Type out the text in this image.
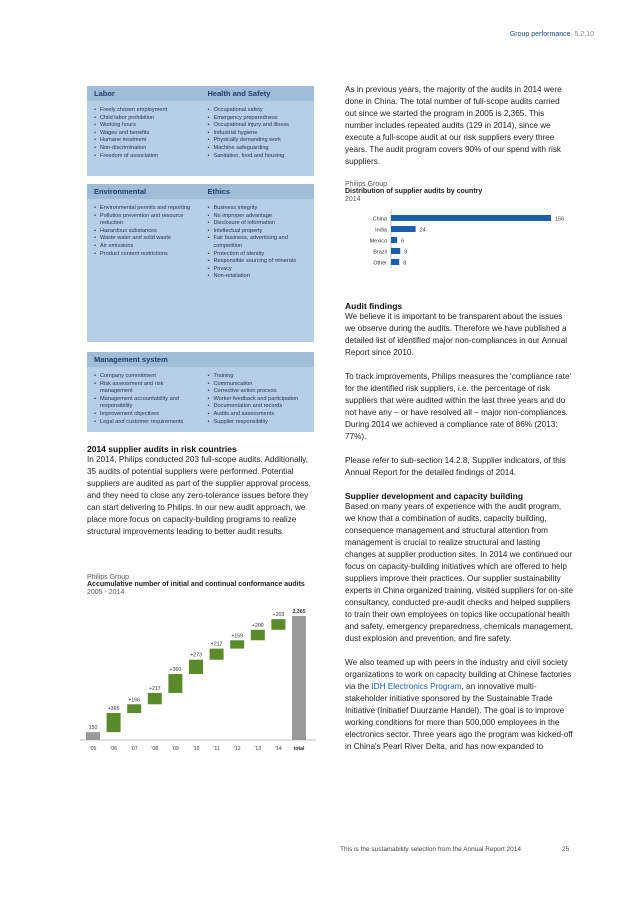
Group performance 5.2.10
Labor	Health and Safety
• Freely chosen employment
• Child labor prohibition
• Working hours
• Wages and benefits
• Humane treatment
• Non-discrimination
• Freedom of association
• Occupational safety
• Emergency preparedness
• Occupational injury and illness
• Industrial hygiene
• Physically demanding work
• Machine safeguarding
• Sanitation, food and housing
Environmental	Ethics
• Environmental permits and reporting
• Pollution prevention and resource reduction
• Hazardous substances
• Waste water and solid waste
• Air emissions
• Product content restrictions
• Business integrity
• No improper advantage
• Disclosure of information
• Intellectual property
• Fair business, advertising and competition
• Protection of identity
• Responsible sourcing of minerals
• Privacy
• Non-retaliation
Management system
• Company commitment
• Risk assessment and risk management
• Management accountability and responsibility
• Improvement objectives
• Legal and customer requirements
• Training
• Communication
• Corrective action process
• Worker feedback and participation
• Documentation and records
• Audits and assessments
• Supplier responsibility
2014 supplier audits in risk countries

In 2014, Philips conducted 203 full-scope audits. Additionally, 35 audits of potential suppliers were performed. Potential suppliers are audited as part of the supplier approval process, and they need to close any zero-tolerance issues before they can start delivering to Philips. In our new audit approach, we place more focus on capacity-building programs to realize structural improvements leading to better audit results.

Philips Group
Accumulative number of initial and continual conformance audits
2005 - 2014
150
'05
+365
'06
+166
'07
+217
'08
+360
'09
+273
'10
+212
'11
+159
'12
+200
'13
+203
'14
2,365
total

As in previous years, the majority of the audits in 2014 were done in China. The total number of full-scope audits carried out since we started the program in 2005 is 2,365. This number includes repeated audits (129 in 2014), since we execute a full-scope audit at our risk suppliers every three years. The audit program covers 90% of our spend with risk suppliers.

Philips Group
Distribution of supplier audits by country
2014
China	156
India	24
Mexico	6
Brazil	9
Other	8
Audit findings

We believe it is important to be transparent about the issues we observe during the audits. Therefore we have published a detailed list of identified major non-compliances in our Annual Report since 2010.

To track improvements, Philips measures the 'compliance rate' for the identified risk suppliers, i.e. the percentage of risk suppliers that were audited within the last three years and do not have any – or have resolved all – major non-compliances. During 2014 we achieved a compliance rate of 86% (2013: 77%).

Please refer to sub-section 14.2.8, Supplier indicators, of this Annual Report for the detailed findings of 2014.

Supplier development and capacity building

Based on many years of experience with the audit program, we know that a combination of audits, capacity building, consequence management and structural attention from management is crucial to realize structural and lasting changes at supplier production sites. In 2014 we continued our focus on capacity-building initiatives which are offered to help suppliers improve their practices. Our supplier sustainability experts in China organized training, visited suppliers for on-site consultancy, conducted pre-audit checks and helped suppliers to train their own employees on topics like occupational health and safety, emergency preparedness, chemicals management, dust explosion and prevention, and fire safety.

We also teamed up with peers in the industry and civil society organizations to work on capacity building at Chinese factories via the IDH Electronics Program, an innovative multi-stakeholder initiative sponsored by the Sustainable Trade Initiative (Initiatief Duurzame Handel). The goal is to improve working conditions for more than 500,000 employees in the electronics sector. Three years ago the program was kicked-off in China's Pearl River Delta, and has now expanded to

This is the sustainability selection from the Annual Report 2014	25
